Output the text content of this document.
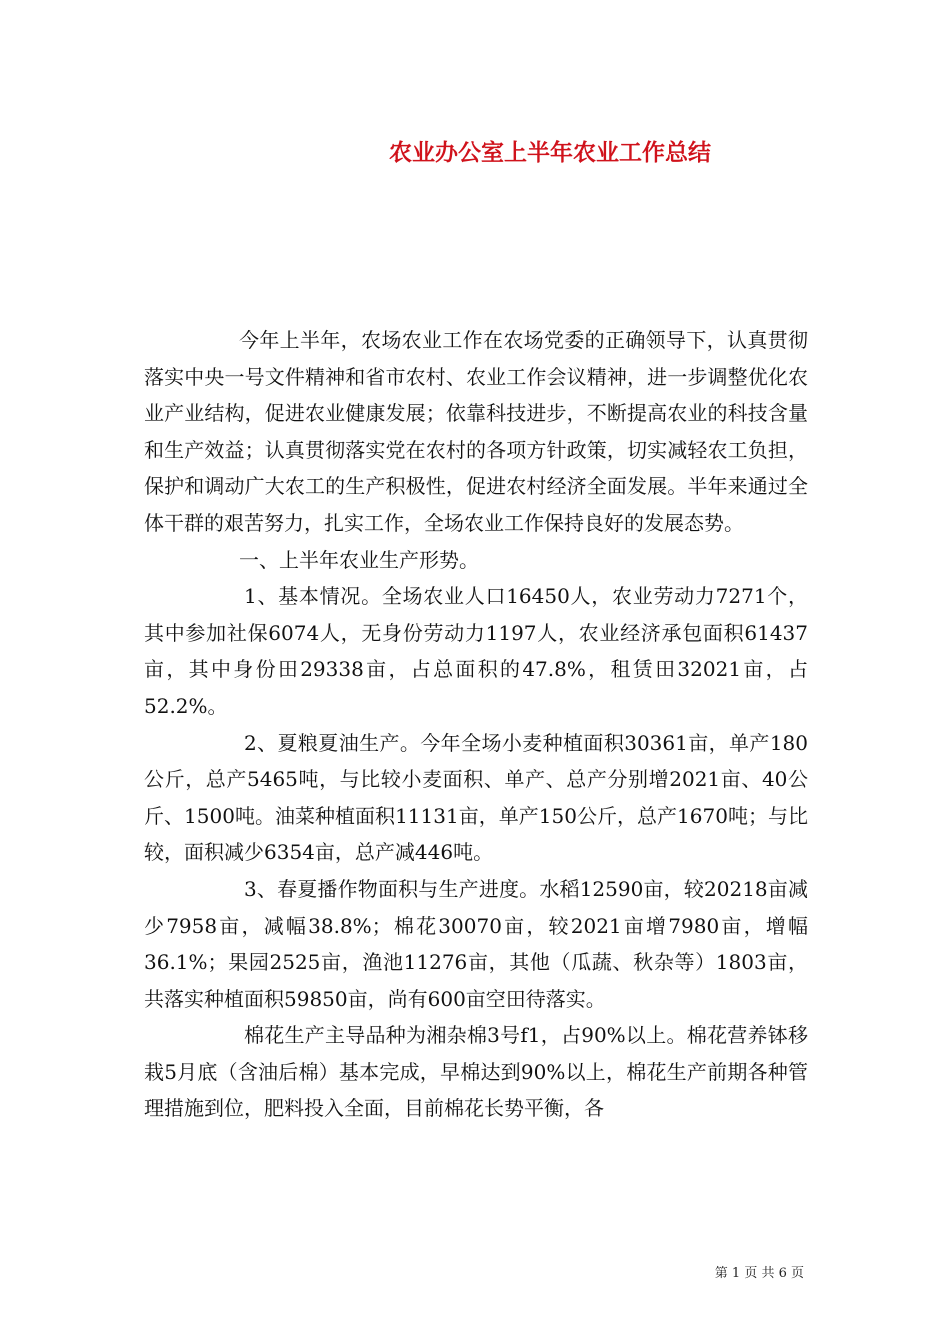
农业办公室上半年农业工作总结

今年上半年，农场农业工作在农场党委的正确领导下，认真贯彻落实中央一号文件精神和省市农村、农业工作会议精神，进一步调整优化农业产业结构，促进农业健康发展；依靠科技进步，不断提高农业的科技含量和生产效益；认真贯彻落实党在农村的各项方针政策，切实减轻农工负担，保护和调动广大农工的生产积极性，促进农村经济全面发展。半年来通过全体干群的艰苦努力，扎实工作，全场农业工作保持良好的发展态势。

一、上半年农业生产形势。

1、基本情况。全场农业人口16450人，农业劳动力7271个，其中参加社保6074人，无身份劳动力1197人，农业经济承包面积61437亩，其中身份田29338亩，占总面积的47.8%，租赁田32021亩，占52.2%。

2、夏粮夏油生产。今年全场小麦种植面积30361亩，单产180公斤，总产5465吨，与比较小麦面积、单产、总产分别增2021亩、40公斤、1500吨。油菜种植面积11131亩，单产150公斤，总产1670吨；与比较，面积减少6354亩，总产减446吨。

3、春夏播作物面积与生产进度。水稻12590亩，较20218亩减少7958亩，减幅38.8%；棉花30070亩，较2021亩增7980亩，增幅36.1%；果园2525亩，渔池11276亩，其他（瓜蔬、秋杂等）1803亩，共落实种植面积59850亩，尚有600亩空田待落实。

棉花生产主导品种为湘杂棉3号f1，占90%以上。棉花营养钵移栽5月底（含油后棉）基本完成，早棉达到90%以上，棉花生产前期各种管理措施到位，肥料投入全面，目前棉花长势平衡，各

第 1 页 共 6 页
